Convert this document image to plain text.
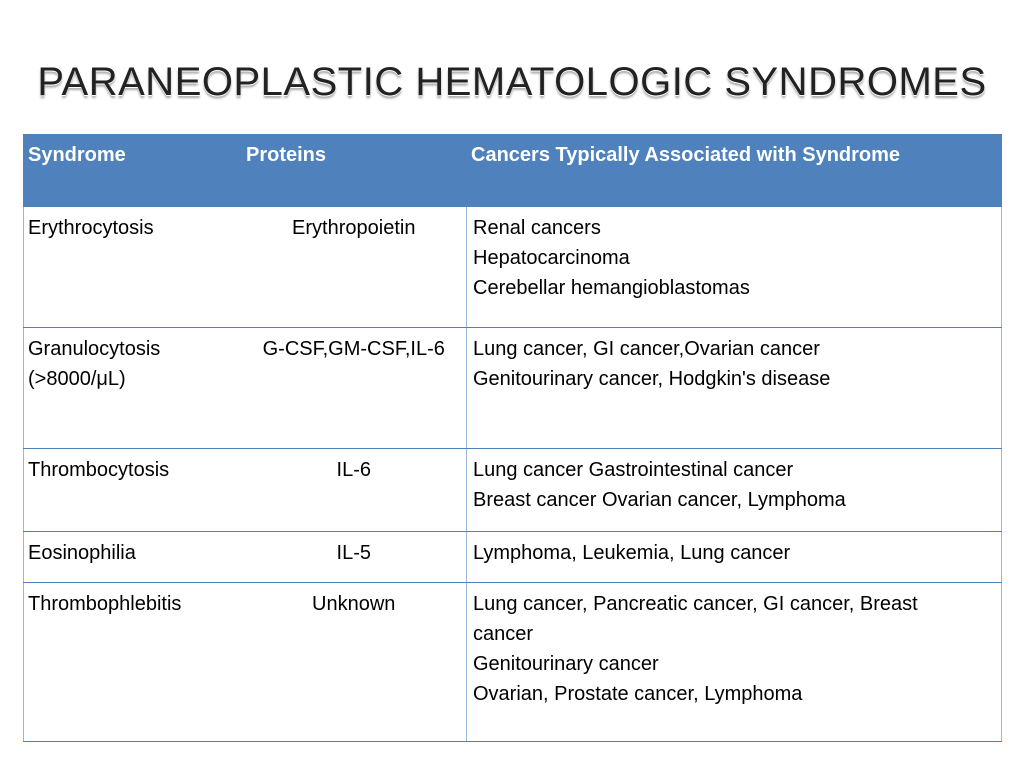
PARANEOPLASTIC HEMATOLOGIC SYNDROMES
Syndrome	Proteins	Cancers Typically Associated with Syndrome

Erythrocytosis	Erythropoietin	Renal cancers
Hepatocarcinoma
Cerebellar hemangioblastomas

Granulocytosis
(>8000/μL)	G-CSF,GM-CSF,IL-6	Lung cancer, GI cancer,Ovarian cancer
Genitourinary cancer, Hodgkin's disease

Thrombocytosis	IL-6	Lung cancer Gastrointestinal cancer
Breast cancer Ovarian cancer, Lymphoma

Eosinophilia	IL-5	Lymphoma, Leukemia, Lung cancer

Thrombophlebitis	Unknown	Lung cancer, Pancreatic cancer, GI cancer, Breast
cancer
Genitourinary cancer
Ovarian, Prostate cancer, Lymphoma
